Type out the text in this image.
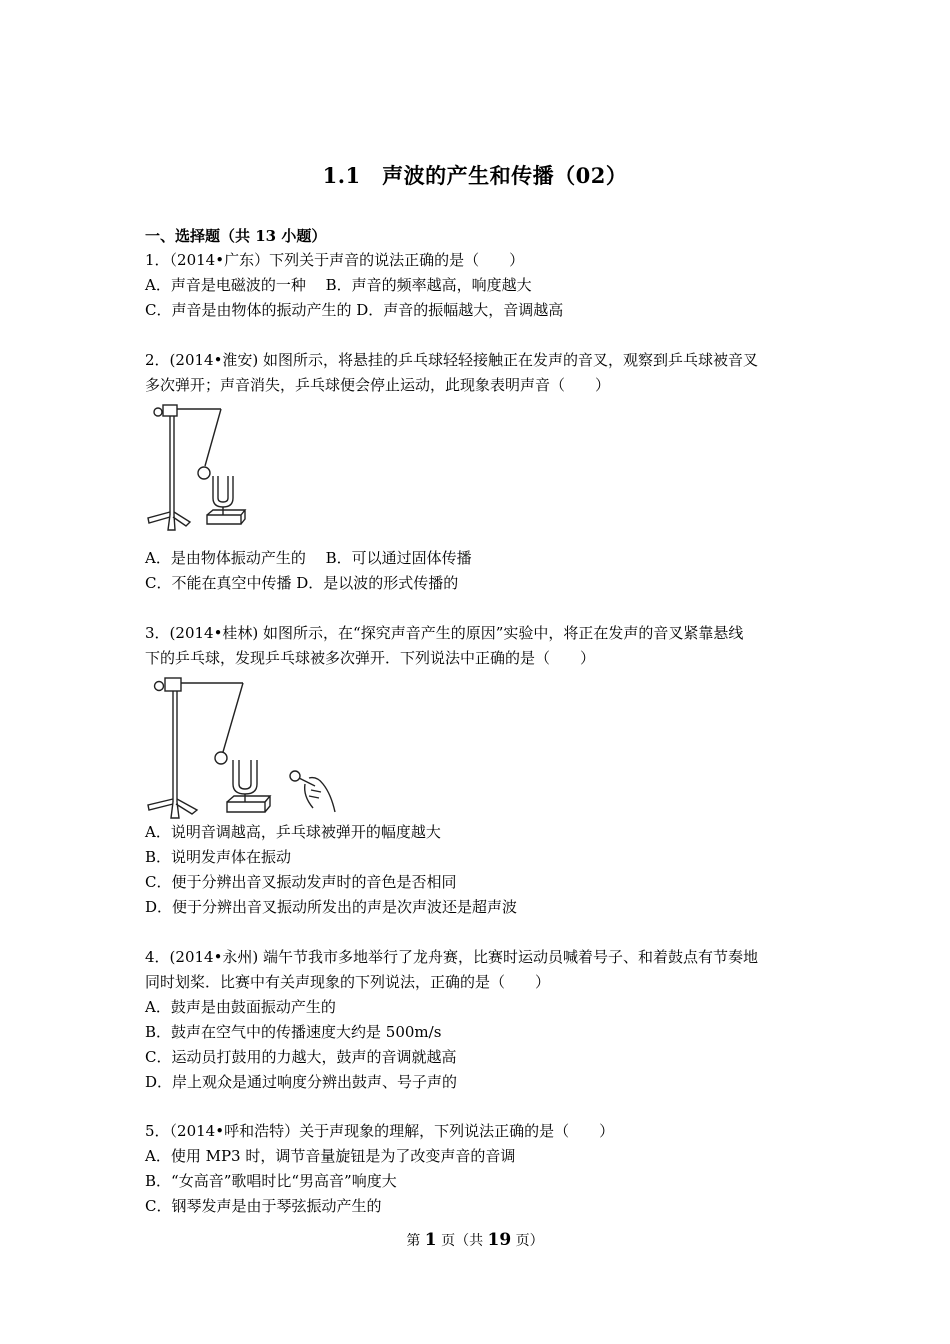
1.1　声波的产生和传播（02）
一、选择题（共 13 小题）
1．（2014•广东）下列关于声音的说法正确的是（　　）
A．声音是电磁波的一种　 B．声音的频率越高，响度越大
C．声音是由物体的振动产生的 D．声音的振幅越大，音调越高
2．(2014•淮安) 如图所示，将悬挂的乒乓球轻轻接触正在发声的音叉，观察到乒乓球被音叉
多次弹开；声音消失，乒乓球便会停止运动，此现象表明声音（　　）
A．是由物体振动产生的　 B．可以通过固体传播
C．不能在真空中传播 D．是以波的形式传播的
3．(2014•桂林) 如图所示，在“探究声音产生的原因”实验中，将正在发声的音叉紧靠悬线
下的乒乓球，发现乒乓球被多次弹开．下列说法中正确的是（　　）
A．说明音调越高，乒乓球被弹开的幅度越大
B．说明发声体在振动
C．便于分辨出音叉振动发声时的音色是否相同
D．便于分辨出音叉振动所发出的声是次声波还是超声波
4．(2014•永州) 端午节我市多地举行了龙舟赛，比赛时运动员喊着号子、和着鼓点有节奏地
同时划桨．比赛中有关声现象的下列说法，正确的是（　　）
A．鼓声是由鼓面振动产生的
B．鼓声在空气中的传播速度大约是 500m/s
C．运动员打鼓用的力越大，鼓声的音调就越高
D．岸上观众是通过响度分辨出鼓声、号子声的
5．（2014•呼和浩特）关于声现象的理解，下列说法正确的是（　　）
A．使用 MP3 时，调节音量旋钮是为了改变声音的音调
B．“女高音”歌唱时比“男高音”响度大
C．钢琴发声是由于琴弦振动产生的
第 1 页（共 19 页）
